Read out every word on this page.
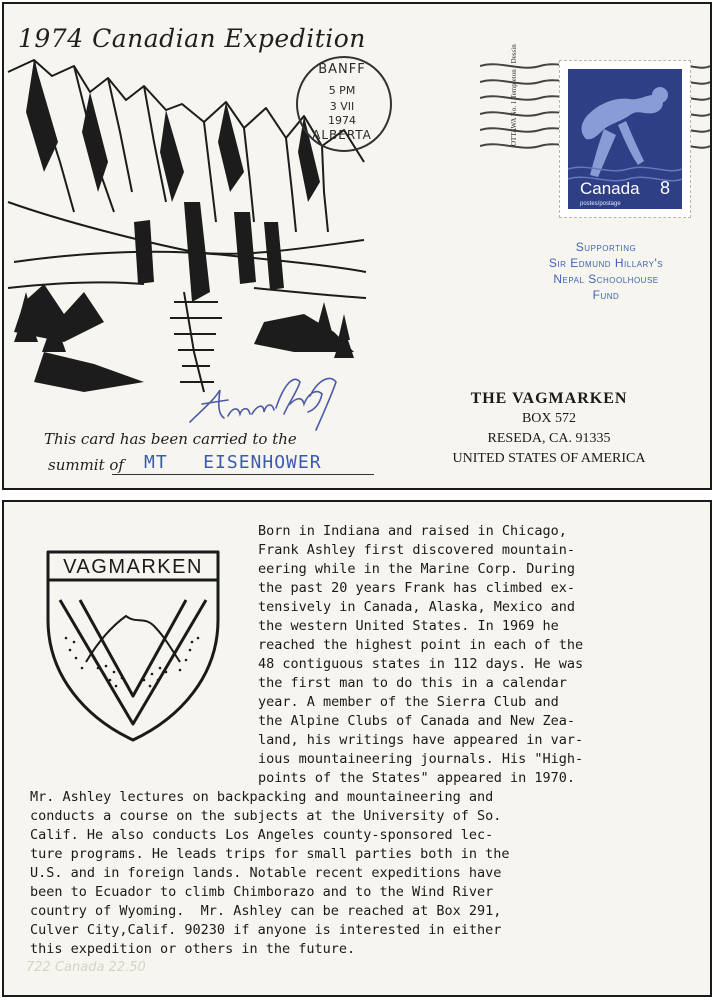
1974 Canadian Expedition
BANFF
5 PM
3 VII
1974
ALBERTA	OTTAWA No. 1 Templeton · Dessin
Canada 8
postes/postage
Supporting
Sir Edmund Hillary's
Nepal Schoolhouse
Fund
THE VAGMARKEN
BOX 572
RESEDA, CA. 91335
UNITED STATES OF AMERICA
This card has been carried to the
summit of MT   EISENHOWER
VAGMARKEN
Born in Indiana and raised in Chicago,
Frank Ashley first discovered mountain-
eering while in the Marine Corp. During
the past 20 years Frank has climbed ex-
tensively in Canada, Alaska, Mexico and
the western United States. In 1969 he
reached the highest point in each of the
48 contiguous states in 112 days. He was
the first man to do this in a calendar
year. A member of the Sierra Club and
the Alpine Clubs of Canada and New Zea-
land, his writings have appeared in var-
ious mountaineering journals. His "High-
points of the States" appeared in 1970.
Mr. Ashley lectures on backpacking and mountaineering and
conducts a course on the subjects at the University of So.
Calif. He also conducts Los Angeles county-sponsored lec-
ture programs. He leads trips for small parties both in the
U.S. and in foreign lands. Notable recent expeditions have
been to Ecuador to climb Chimborazo and to the Wind River
country of Wyoming.  Mr. Ashley can be reached at Box 291,
Culver City,Calif. 90230 if anyone is interested in either
this expedition or others in the future.
722 Canada 22.50
